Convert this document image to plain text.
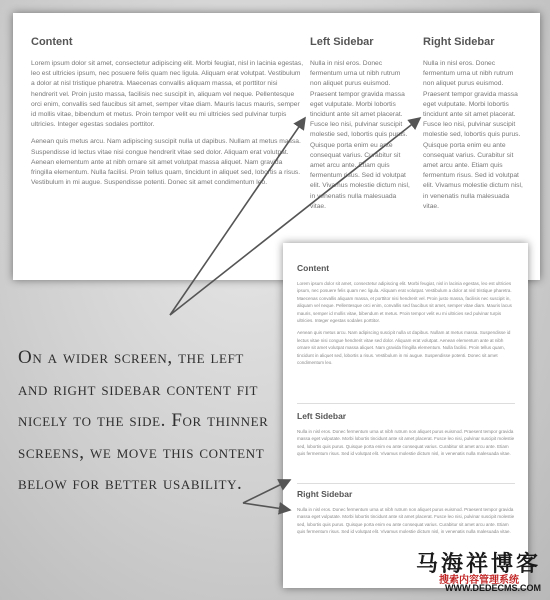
Content

Lorem ipsum dolor sit amet, consectetur adipiscing elit. Morbi feugiat, nisl in lacinia egestas, leo est ultricies ipsum, nec posuere felis quam nec ligula. Aliquam erat volutpat. Vestibulum a dolor at nisl tristique pharetra. Maecenas convallis aliquam massa, et porttitor nisi hendrerit vel. Proin justo massa, facilisis nec suscipit in, aliquam vel neque. Pellentesque orci enim, convallis sed faucibus sit amet, semper vitae diam. Mauris lacus mauris, semper id mollis vitae, bibendum et metus. Proin tempor velit eu mi ultricies sed pulvinar turpis ultricies. Integer egestas sodales porttitor.

Aenean quis metus arcu. Nam adipiscing suscipit nulla ut dapibus. Nullam at metus massa. Suspendisse id lectus vitae nisi congue hendrerit vitae sed dolor. Aliquam erat volutpat. Aenean elementum ante at nibh ornare sit amet volutpat massa aliquet. Nam gravida fringilla elementum. Nulla facilisi. Proin tellus quam, tincidunt in aliquet sed, lobortis a risus. Vestibulum in mi augue. Suspendisse potenti. Donec sit amet condimentum leo.

Left Sidebar

Nulla in nisl eros. Donec fermentum urna ut nibh rutrum non aliquet purus euismod. Praesent tempor gravida massa eget vulputate. Morbi lobortis tincidunt ante sit amet placerat. Fusce leo nisi, pulvinar suscipit molestie sed, lobortis quis purus. Quisque porta enim eu ante consequat varius. Curabitur sit amet arcu ante. Etiam quis fermentum risus. Sed id volutpat elit. Vivamus molestie dictum nisl, in venenatis nulla malesuada vitae.

Right Sidebar

Nulla in nisl eros. Donec fermentum urna ut nibh rutrum non aliquet purus euismod. Praesent tempor gravida massa eget vulputate. Morbi lobortis tincidunt ante sit amet placerat. Fusce leo nisi, pulvinar suscipit molestie sed, lobortis quis purus. Quisque porta enim eu ante consequat varius. Curabitur sit amet arcu ante. Etiam quis fermentum risus. Sed id volutpat elit. Vivamus molestie dictum nisl, in venenatis nulla malesuada vitae.

Content

Lorem ipsum dolor sit amet, consectetur adipiscing elit. Morbi feugiat, nisl in lacinia egestas, leo est ultricies ipsum, nec posuere felis quam nec ligula. Aliquam erat volutpat. Vestibulum a dolor at nisl tristique pharetra. Maecenas convallis aliquam massa, et porttitor nisi hendrerit vel. Proin justo massa, facilisis nec suscipit in, aliquam vel neque. Pellentesque orci enim, convallis sed faucibus sit amet, semper vitae diam. Mauris lacus mauris, semper id mollis vitae, bibendum et metus. Proin tempor velit eu mi ultricies sed pulvinar turpis ultricies. Integer egestas sodales porttitor.

Aenean quis metus arcu. Nam adipiscing suscipit nulla ut dapibus. Nullam at metus massa. Suspendisse id lectus vitae nisi congue hendrerit vitae sed dolor. Aliquam erat volutpat. Aenean elementum ante at nibh ornare sit amet volutpat massa aliquet. Nam gravida fringilla elementum. Nulla facilisi. Proin tellus quam, tincidunt in aliquet sed, lobortis a risus. Vestibulum in mi augue. Suspendisse potenti. Donec sit amet condimentum leo.

Left Sidebar

Nulla in nisl eros. Donec fermentum urna ut nibh rutrum non aliquet purus euismod. Praesent tempor gravida massa eget vulputate. Morbi lobortis tincidunt ante sit amet placerat. Fusce leo nisi, pulvinar suscipit molestie sed, lobortis quis purus. Quisque porta enim eu ante consequat varius. Curabitur sit amet arcu ante. Etiam quis fermentum risus. Sed id volutpat elit. Vivamus molestie dictum nisl, in venenatis nulla malesuada vitae.

Right Sidebar

Nulla in nisl eros. Donec fermentum urna ut nibh rutrum non aliquet purus euismod. Praesent tempor gravida massa eget vulputate. Morbi lobortis tincidunt ante sit amet placerat. Fusce leo nisi, pulvinar suscipit molestie sed, lobortis quis purus. Quisque porta enim eu ante consequat varius. Curabitur sit amet arcu ante. Etiam quis fermentum risus. Sed id volutpat elit. Vivamus molestie dictum nisl, in venenatis nulla malesuada vitae.

On a wider screen, the left and right sidebar content fit nicely to the side. For thinner screens, we move this content below for better usability.
马海祥博客
搜索内容管理系统
WWW.DEDECMS.COM
